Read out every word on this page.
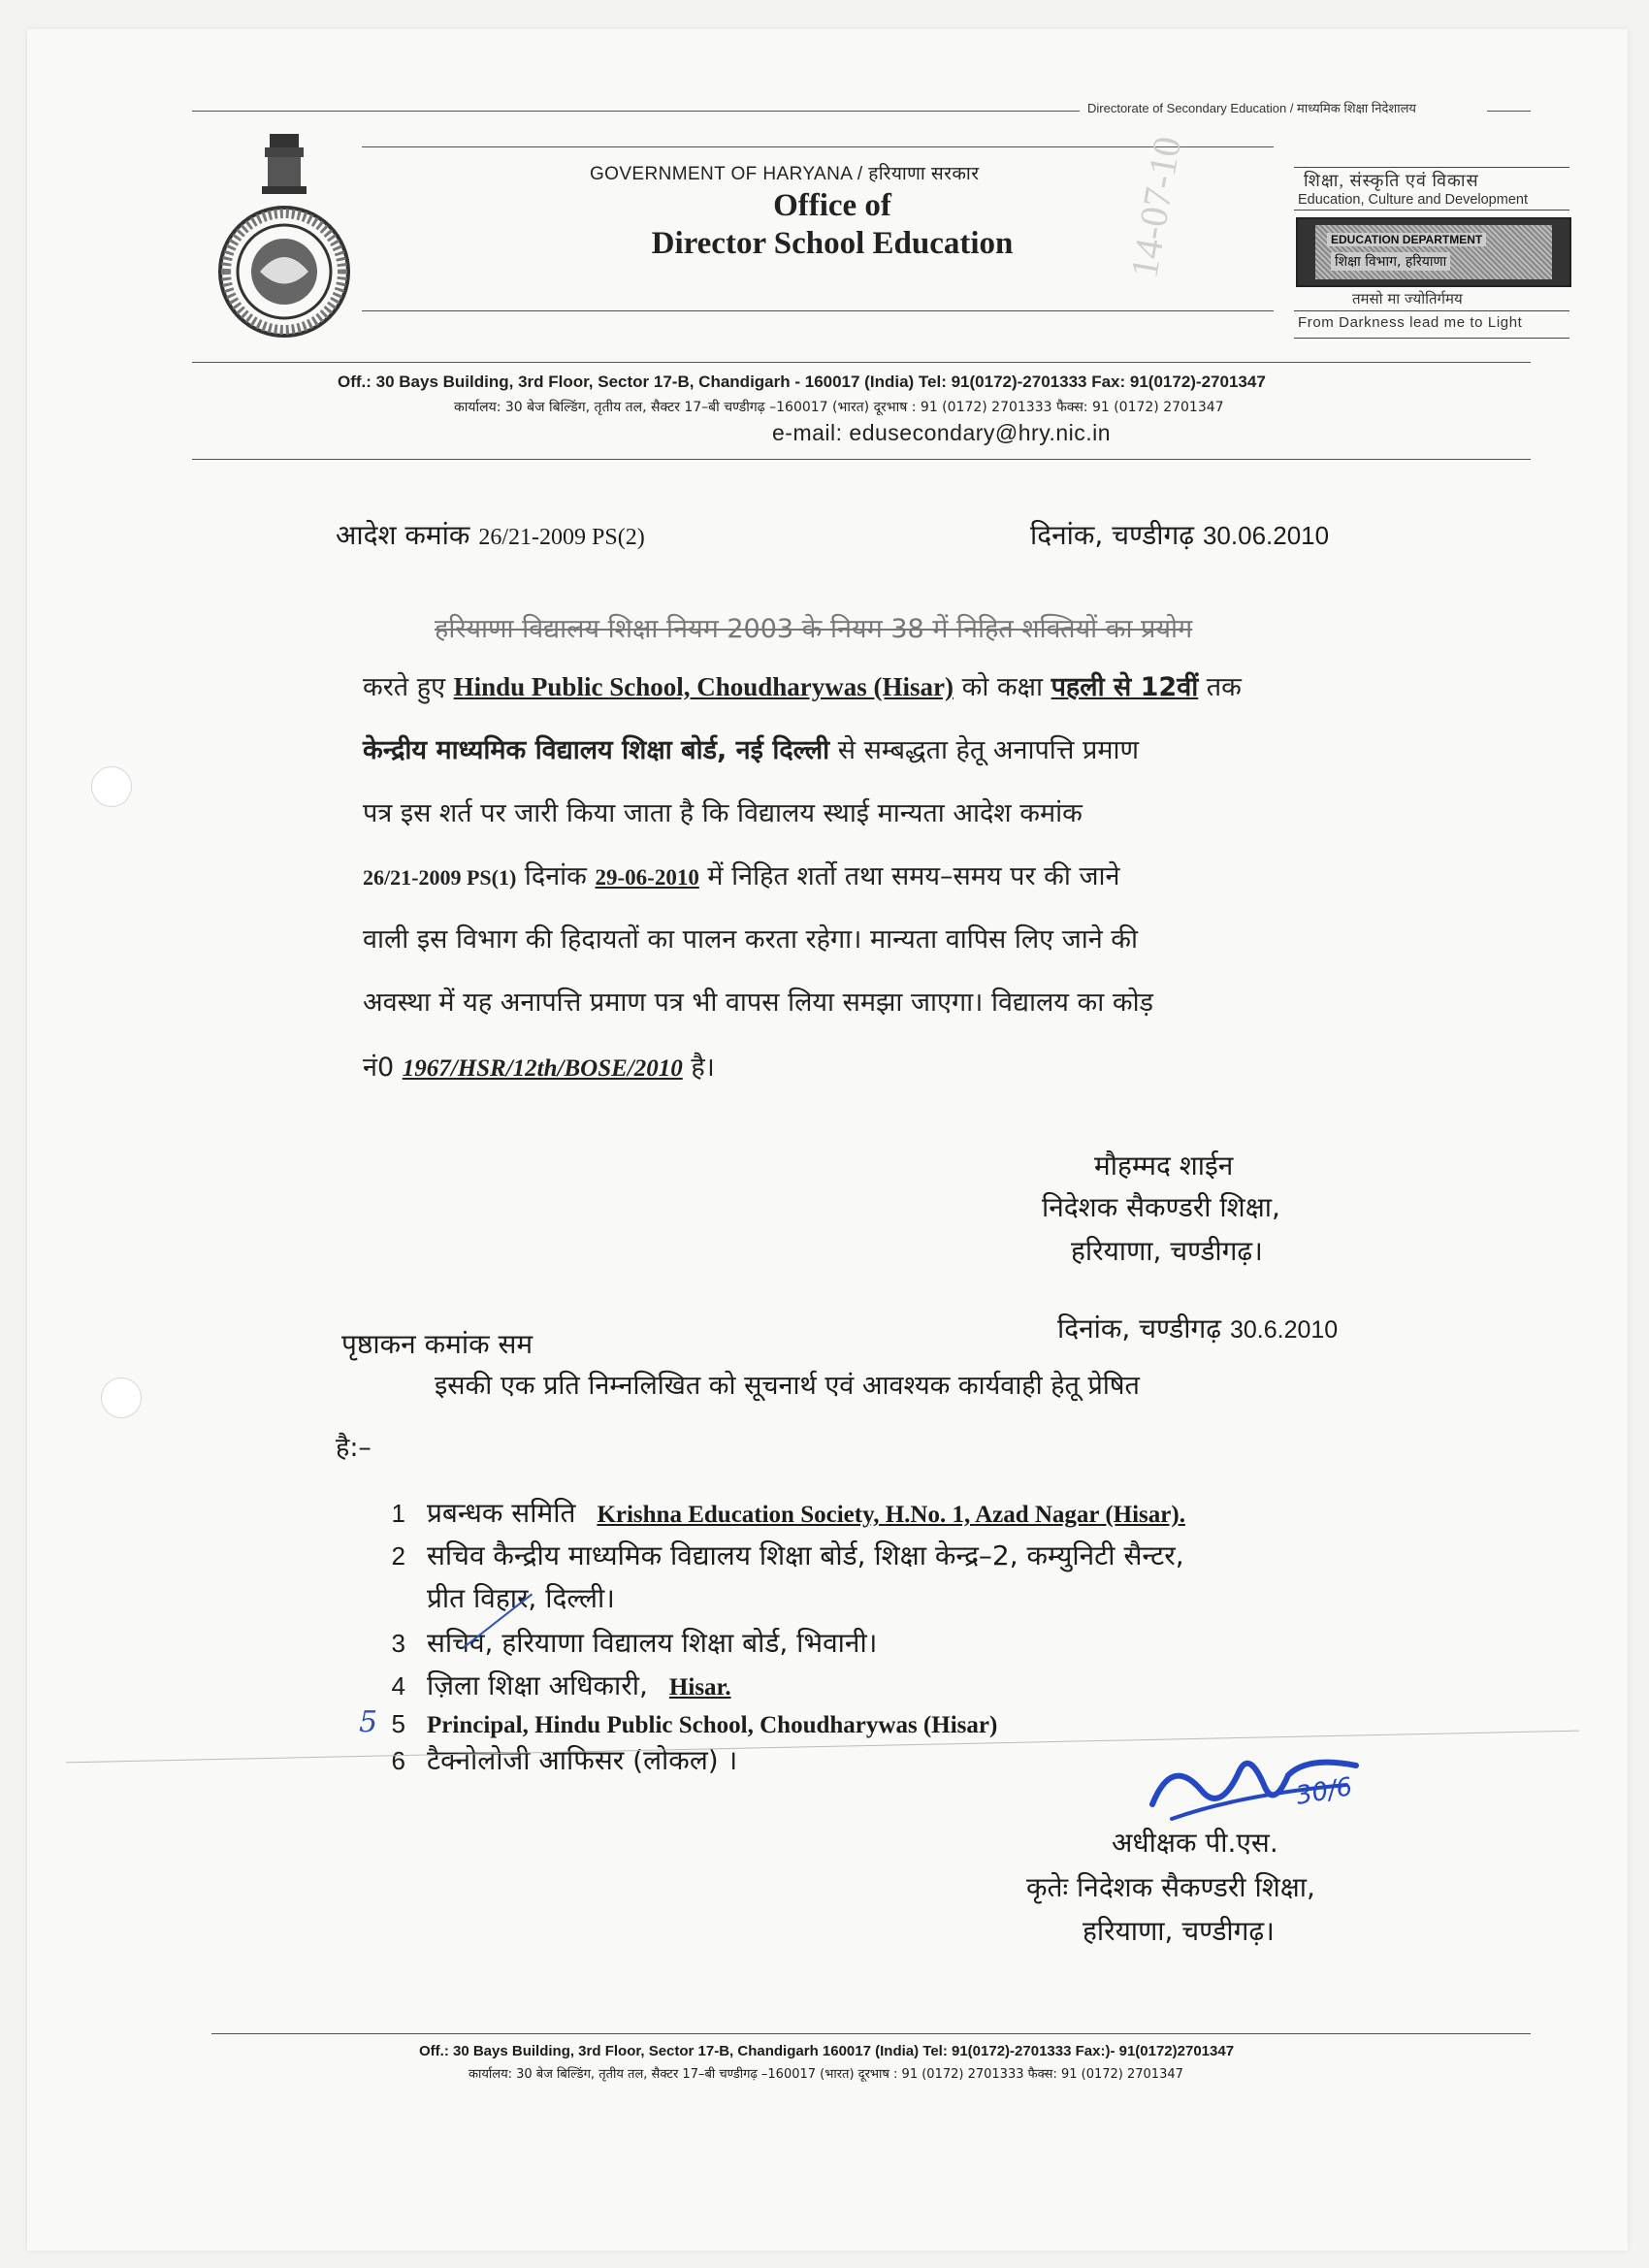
Directorate of Secondary Education / माध्यमिक शिक्षा निदेशालय
GOVERNMENT OF HARYANA / हरियाणा सरकार
Office of
Director School Education	14-07-10	शिक्षा, संस्कृति एवं विकास
Education, Culture and Development
EDUCATION DEPARTMENT
शिक्षा विभाग, हरियाणा
तमसो मा ज्योतिर्गमय
From Darkness lead me to Light
Off.: 30 Bays Building, 3rd Floor, Sector 17-B, Chandigarh - 160017 (India) Tel: 91(0172)-2701333 Fax: 91(0172)-2701347
कार्यालय: 30 बेज बिल्डिंग, तृतीय तल, सैक्टर 17–बी चण्डीगढ़ –160017 (भारत) दूरभाष : 91 (0172) 2701333 फैक्स: 91 (0172) 2701347
e-mail: edusecondary@hry.nic.in
आदेश कमांक 26/21-2009 PS(2)	दिनांक, चण्डीगढ़ 30.06.2010
हरियाणा विद्यालय शिक्षा नियम 2003 के नियम 38 में निहित शक्तियों का प्रयोग
करते हुए Hindu Public School, Choudharywas (Hisar) को कक्षा पहली से 12वीं तक
केन्द्रीय माध्यमिक विद्यालय शिक्षा बोर्ड, नई दिल्ली से सम्बद्धता हेतू अनापत्ति प्रमाण
पत्र इस शर्त पर जारी किया जाता है कि विद्यालय स्थाई मान्यता आदेश कमांक
26/21-2009 PS(1) दिनांक 29-06-2010 में निहित शर्तो तथा समय–समय पर की जाने
वाली इस विभाग की हिदायतों का पालन करता रहेगा। मान्यता वापिस लिए जाने की
अवस्था में यह अनापत्ति प्रमाण पत्र भी वापस लिया समझा जाएगा। विद्यालय का कोड़
नं0 1967/HSR/12th/BOSE/2010 है।
मौहम्मद शाईन
निदेशक सैकण्डरी शिक्षा,
हरियाणा, चण्डीगढ़।
दिनांक, चण्डीगढ़ 30.6.2010
पृष्ठाकन कमांक सम
इसकी एक प्रति निम्नलिखित को सूचनार्थ एवं आवश्यक कार्यवाही हेतू प्रेषित
है:–
1 प्रबन्धक समिति Krishna Education Society, H.No. 1, Azad Nagar (Hisar).
2 सचिव कैन्द्रीय माध्यमिक विद्यालय शिक्षा बोर्ड, शिक्षा केन्द्र–2, कम्युनिटी सैन्टर,
प्रीत विहार, दिल्ली।
3 सचिव, हरियाणा विद्यालय शिक्षा बोर्ड, भिवानी।
4 ज़िला शिक्षा अधिकारी, Hisar.
5 Principal, Hindu Public School, Choudharywas (Hisar)
6 टैक्नोलोजी आफिसर (लोकल) ।
5
30/6
अधीक्षक पी.एस.
कृतेः निदेशक सैकण्डरी शिक्षा,
हरियाणा, चण्डीगढ़।
Off.: 30 Bays Building, 3rd Floor, Sector 17-B, Chandigarh 160017 (India) Tel: 91(0172)-2701333 Fax:)- 91(0172)2701347
कार्यालय: 30 बेज बिल्डिंग, तृतीय तल, सैक्टर 17–बी चण्डीगढ़ –160017 (भारत) दूरभाष : 91 (0172) 2701333 फैक्स: 91 (0172) 2701347
